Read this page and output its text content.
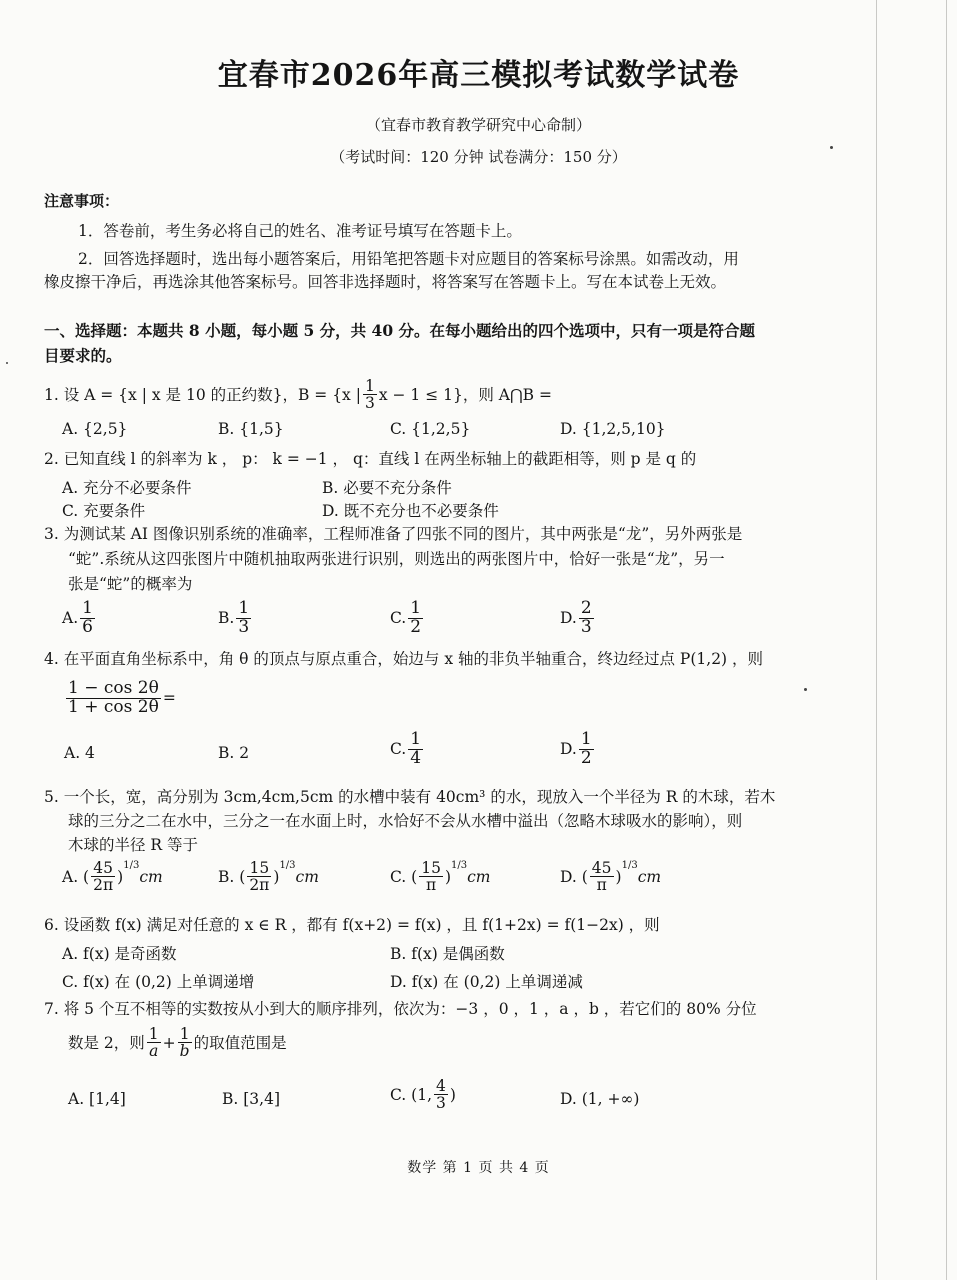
宜春市2026年高三模拟考试数学试卷
（宜春市教育教学研究中心命制）
（考试时间：120 分钟 试卷满分：150 分）
注意事项：
1．答卷前，考生务必将自己的姓名、准考证号填写在答题卡上。
2．回答选择题时，选出每小题答案后，用铅笔把答题卡对应题目的答案标号涂黑。如需改动，用
橡皮擦干净后，再选涂其他答案标号。回答非选择题时，将答案写在答题卡上。写在本试卷上无效。
一、选择题：本题共 8 小题，每小题 5 分，共 40 分。在每小题给出的四个选项中，只有一项是符合题
目要求的。
1. 设 A = {x | x 是 10 的正约数}，B = {x | $\frac{1}{3}$ x − 1 ≤ 1}，则 A⋂B =
A. {2,5}	B. {1,5}	C. {1,2,5}	D. {1,2,5,10}
2. 已知直线 l 的斜率为 k ， p： k = −1 ， q：直线 l 在两坐标轴上的截距相等，则 p 是 q 的
A. 充分不必要条件	B. 必要不充分条件
C. 充要条件	D. 既不充分也不必要条件
3. 为测试某 AI 图像识别系统的准确率，工程师准备了四张不同的图片，其中两张是“龙”，另外两张是
“蛇”.系统从这四张图片中随机抽取两张进行识别，则选出的两张图片中，恰好一张是“龙”，另一
张是“蛇”的概率为
A. $\frac{1}{6}$	B. $\frac{1}{3}$	C. $\frac{1}{2}$	D. $\frac{2}{3}$
4. 在平面直角坐标系中，角 θ 的顶点与原点重合，始边与 x 轴的非负半轴重合，终边经过点 P(1,2) ，则
$\frac{1 - \cos 2\theta}{1 + \cos 2\theta}$ =
A. 4	B. 2	C. $\frac{1}{4}$	D. $\frac{1}{2}$
5. 一个长，宽，高分别为 3cm,4cm,5cm 的水槽中装有 40cm³ 的水，现放入一个半径为 R 的木球，若木
球的三分之二在水中，三分之一在水面上时，水恰好不会从水槽中溢出（忽略木球吸水的影响），则
木球的半径 R 等于
A. ( $\frac{45}{2\pi}$ )
$^{1/3}$
cm	B. ( $\frac{15}{2\pi}$ )
$^{1/3}$
cm	C. ( $\frac{15}{\pi}$ )
$^{1/3}$
cm	D. ( $\frac{45}{\pi}$ )
$^{1/3}$
cm
6. 设函数 f(x) 满足对任意的 x ∈ R ，都有 f(x+2) = f(x) ，且 f(1+2x) = f(1−2x) ，则
A. f(x) 是奇函数	B. f(x) 是偶函数
C. f(x) 在 (0,2) 上单调递增	D. f(x) 在 (0,2) 上单调递减
7. 将 5 个互不相等的实数按从小到大的顺序排列，依次为：−3 ，0 ，1 ，a ，b ，若它们的 80% 分位
数是 2，则 $\frac{1}{a} + \frac{1}{b}$ 的取值范围是
A. [1,4]	B. [3,4]	C. (1, $\frac{4}{3}$ )	D. (1, +∞)
数学 第 1 页 共 4 页
